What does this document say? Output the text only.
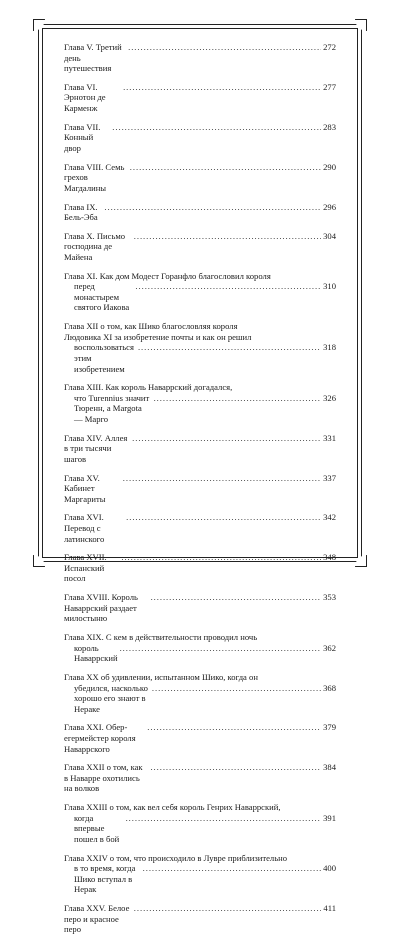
Глава V. Третий день путешествия
. . .
272
Глава VI. Эрнотон де Карменж
. . .
277
Глава VII. Конный двор
. . .
283
Глава VIII. Семь грехов Магдалины
. . .
290
Глава IX. Бель-Эба
. . .
296
Глава X. Письмо господина де Майена
. . .
304
Глава XI. Как дом Модест Горанфло благословил короля
перед монастырем святого Иакова
. . .
310
Глава XII о том, как Шико благословляя короля
Людовика XI за изобретение почты и как он решил
воспользоваться этим изобретением
. . .
318
Глава XIII. Как король Наваррский догадался,
что Turennius значит Тюренн, а Margota — Марго
. . .
326
Глава XIV. Аллея в три тысячи шагов
. . .
331
Глава XV. Кабинет Маргариты
. . .
337
Глава XVI. Перевод с латинского
. . .
342
Глава XVII. Испанский посол
. . .
348
Глава XVIII. Король Наваррский раздает милостыню
. . .
353
Глава XIX. С кем в действительности проводил ночь
король Наваррский
. . .
362
Глава XX об удивлении, испытанном Шико, когда он
убедился, насколько хорошо его знают в Нераке
. . .
368
Глава XXI. Обер-егермейстер короля Наваррского
. . .
379
Глава XXII о том, как в Наварре охотились на волков
. . .
384
Глава XXIII о том, как вел себя король Генрих Наваррский,
когда впервые пошел в бой
. . .
391
Глава XXIV о том, что происходило в Лувре приблизительно
в то время, когда Шико вступал в Нерак
. . .
400
Глава XXV. Белое перо и красное перо
. . .
411
